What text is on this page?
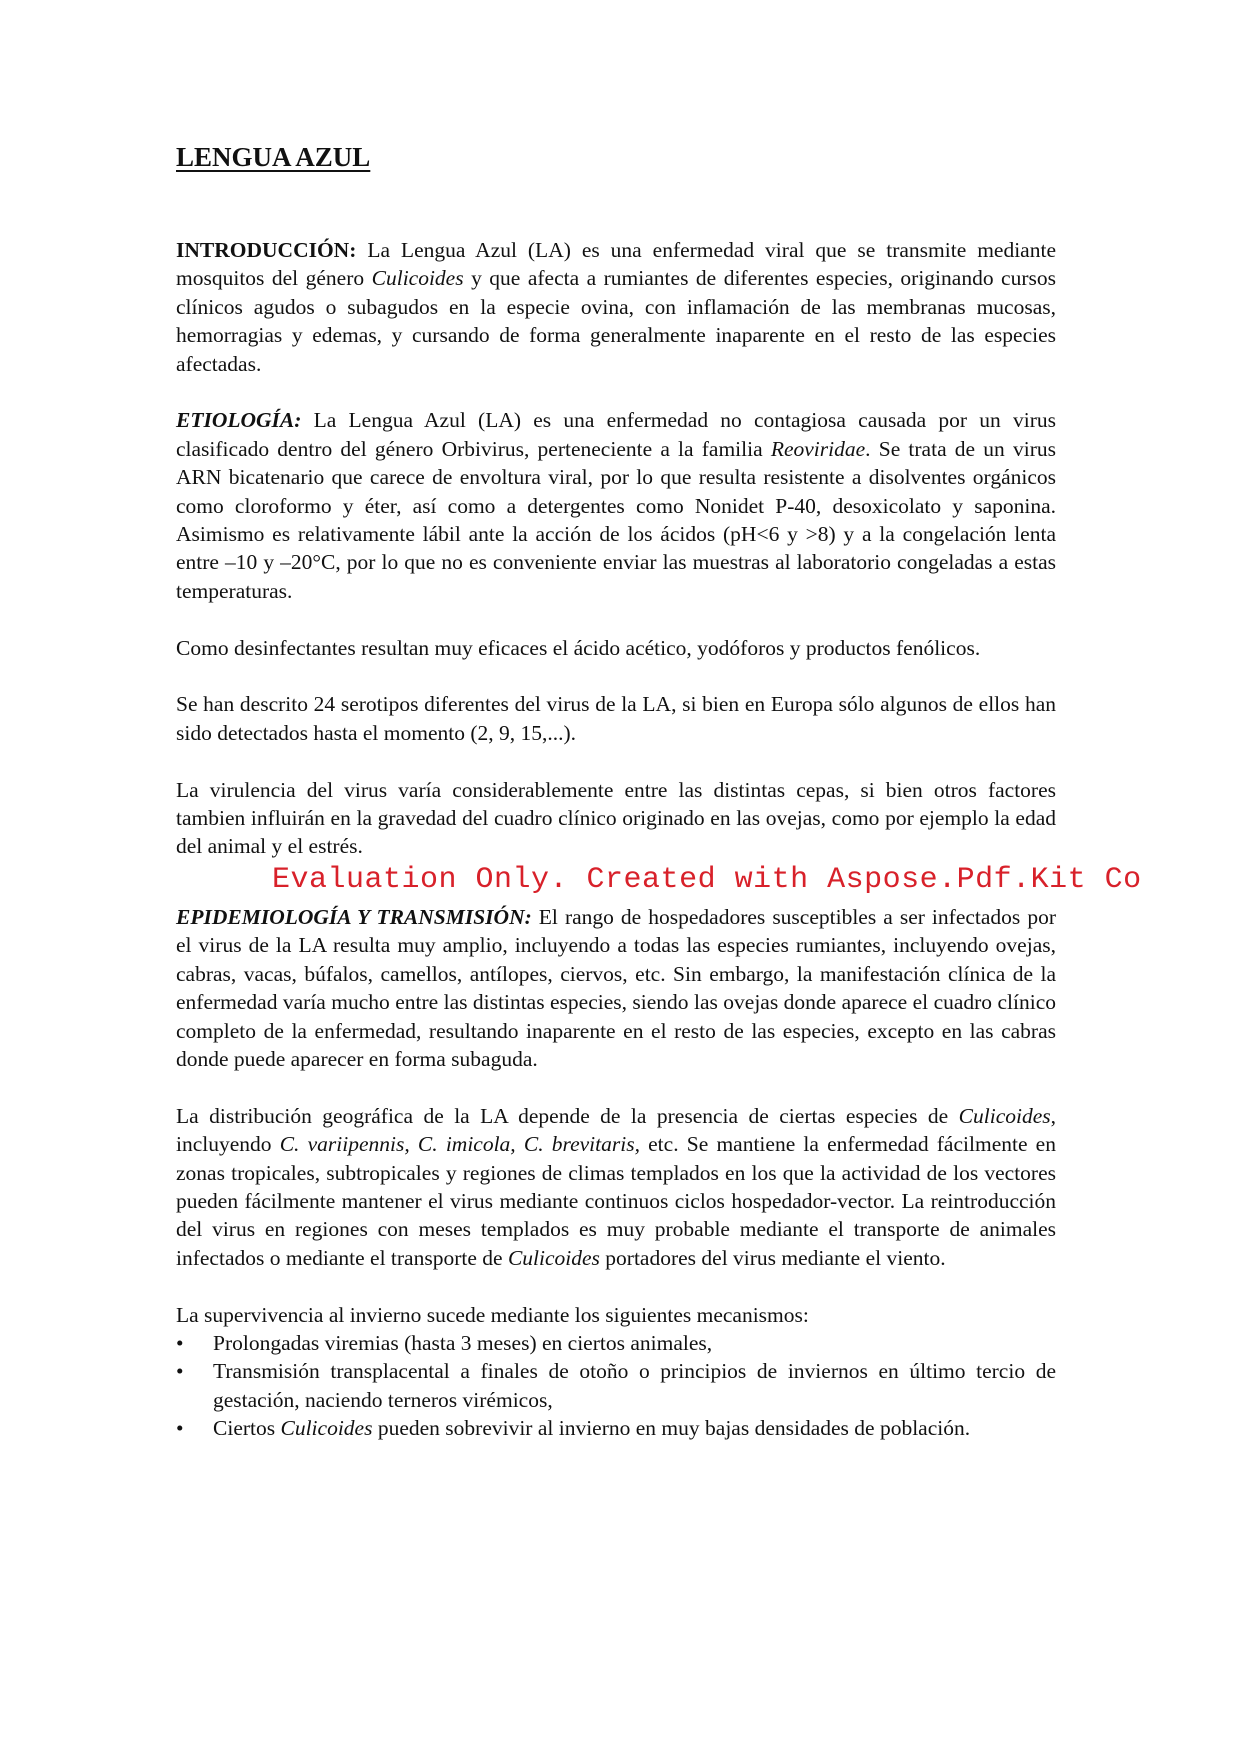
LENGUA AZUL

INTRODUCCIÓN: La Lengua Azul (LA) es una enfermedad viral que se transmite mediante mosquitos del género Culicoides y que afecta a rumiantes de diferentes especies, originando cursos clínicos agudos o subagudos en la especie ovina, con inflamación de las membranas mucosas, hemorragias y edemas, y cursando de forma generalmente inaparente en el resto de las especies afectadas.

ETIOLOGÍA: La Lengua Azul (LA) es una enfermedad no contagiosa causada por un virus clasificado dentro del género Orbivirus, perteneciente a la familia Reoviridae. Se trata de un virus ARN bicatenario que carece de envoltura viral, por lo que resulta resistente a disolventes orgánicos como cloroformo y éter, así como a detergentes como Nonidet P-40, desoxicolato y saponina. Asimismo es relativamente lábil ante la acción de los ácidos (pH<6 y >8) y a la congelación lenta entre –10 y –20°C, por lo que no es conveniente enviar las muestras al laboratorio congeladas a estas temperaturas.

Como desinfectantes resultan muy eficaces el ácido acético, yodóforos y productos fenólicos.

Se han descrito 24 serotipos diferentes del virus de la LA, si bien en Europa sólo algunos de ellos han sido detectados hasta el momento (2, 9, 15,...).

La virulencia del virus varía considerablemente entre las distintas cepas, si bien otros factores tambien influirán en la gravedad del cuadro clínico originado en las ovejas, como por ejemplo la edad del animal y el estrés.

Evaluation Only. Created with Aspose.Pdf.Kit Co

EPIDEMIOLOGÍA Y TRANSMISIÓN: El rango de hospedadores susceptibles a ser infectados por el virus de la LA resulta muy amplio, incluyendo a todas las especies rumiantes, incluyendo ovejas, cabras, vacas, búfalos, camellos, antílopes, ciervos, etc. Sin embargo, la manifestación clínica de la enfermedad varía mucho entre las distintas especies, siendo las ovejas donde aparece el cuadro clínico completo de la enfermedad, resultando inaparente en el resto de las especies, excepto en las cabras donde puede aparecer en forma subaguda.

La distribución geográfica de la LA depende de la presencia de ciertas especies de Culicoides, incluyendo C. variipennis, C. imicola, C. brevitaris, etc. Se mantiene la enfermedad fácilmente en zonas tropicales, subtropicales y regiones de climas templados en los que la actividad de los vectores pueden fácilmente mantener el virus mediante continuos ciclos hospedador-vector. La reintroducción del virus en regiones con meses templados es muy probable mediante el transporte de animales infectados o mediante el transporte de Culicoides portadores del virus mediante el viento.

La supervivencia al invierno sucede mediante los siguientes mecanismos:
• Prolongadas viremias (hasta 3 meses) en ciertos animales,
• Transmisión transplacental a finales de otoño o principios de inviernos en último tercio de gestación, naciendo terneros virémicos,
• Ciertos Culicoides pueden sobrevivir al invierno en muy bajas densidades de población.
